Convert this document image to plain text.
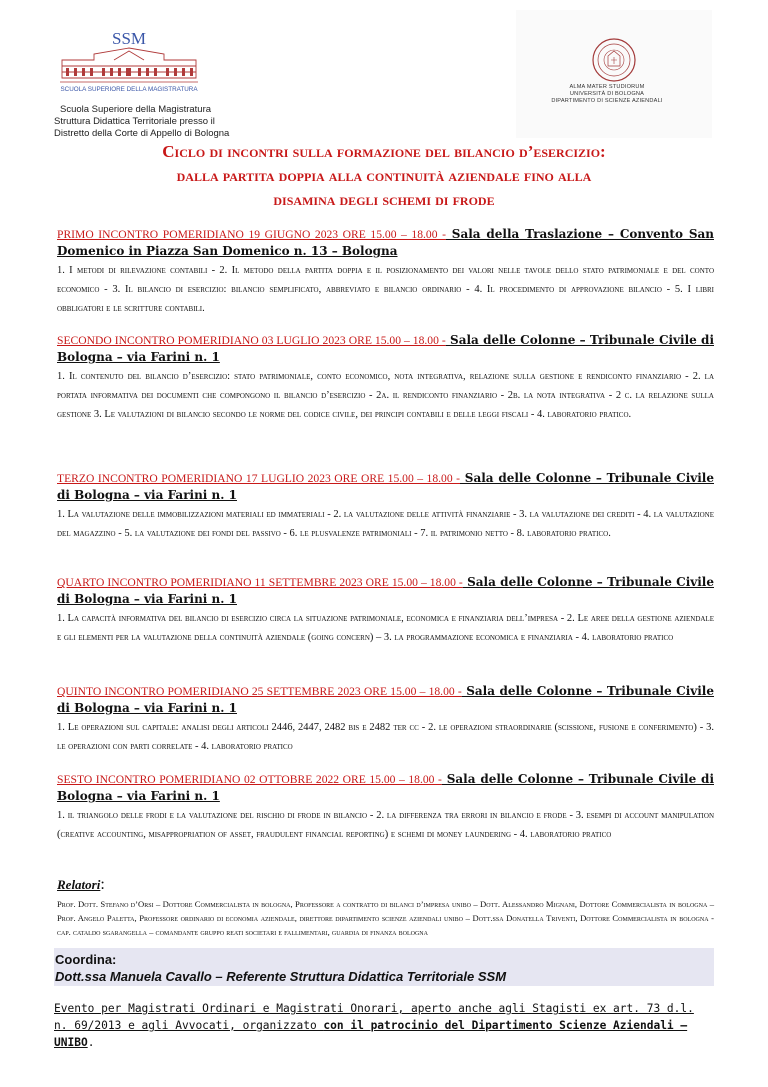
SSM
SCUOLA SUPERIORE DELLA MAGISTRATURA
Scuola Superiore della Magistratura
Struttura Didattica Territoriale presso il
Distretto della Corte di Appello di Bologna
ALMA MATER STUDIORUM
UNIVERSITÀ DI BOLOGNA
DIPARTIMENTO DI SCIENZE AZIENDALI
Ciclo di incontri sulla formazione del bilancio d’esercizio:
dalla partita doppia alla continuità aziendale fino alla
disamina degli schemi di frode
PRIMO INCONTRO POMERIDIANO 19 GIUGNO 2023 ORE 15.00 – 18.00 - Sala della Traslazione – Convento San Domenico in Piazza San Domenico n. 13 – Bologna
1. I metodi di rilevazione contabili - 2. Il metodo della partita doppia e il posizionamento dei valori nelle tavole dello stato patrimoniale e del conto economico - 3. Il bilancio di esercizio: bilancio semplificato, abbreviato e bilancio ordinario - 4. Il procedimento di approvazione bilancio - 5. I libri obbligatori e le scritture contabili.
SECONDO INCONTRO POMERIDIANO 03 LUGLIO 2023 ORE 15.00 – 18.00 - Sala delle Colonne – Tribunale Civile di Bologna – via Farini n. 1
1. Il contenuto del bilancio d’esercizio: stato patrimoniale, conto economico, nota integrativa, relazione sulla gestione e rendiconto finanziario - 2. la portata informativa dei documenti che compongono il bilancio d’esercizio - 2a. il rendiconto finanziario - 2b. la nota integrativa - 2 c. la relazione sulla gestione 3. Le valutazioni di bilancio secondo le norme del codice civile, dei principi contabili e delle leggi fiscali - 4. laboratorio pratico.
TERZO INCONTRO POMERIDIANO 17 LUGLIO 2023 ORE ORE 15.00 – 18.00 - Sala delle Colonne – Tribunale Civile di Bologna – via Farini n. 1
1. La valutazione delle immobilizzazioni materiali ed immateriali - 2. la valutazione delle attività finanziarie - 3. la valutazione dei crediti - 4. la valutazione del magazzino - 5. la valutazione dei fondi del passivo - 6. le plusvalenze patrimoniali - 7. il patrimonio netto - 8. laboratorio pratico.
QUARTO INCONTRO POMERIDIANO 11 SETTEMBRE 2023 ORE 15.00 – 18.00 - Sala delle Colonne – Tribunale Civile di Bologna – via Farini n. 1
1. La capacità informativa del bilancio di esercizio circa la situazione patrimoniale, economica e finanziaria dell’impresa - 2. Le aree della gestione aziendale e gli elementi per la valutazione della continuità aziendale (going concern) – 3. la programmazione economica e finanziaria - 4. laboratorio pratico
QUINTO INCONTRO POMERIDIANO 25 SETTEMBRE 2023 ORE 15.00 – 18.00 - Sala delle Colonne – Tribunale Civile di Bologna – via Farini n. 1
1. Le operazioni sul capitale: analisi degli articoli 2446, 2447, 2482 bis e 2482 ter cc - 2. le operazioni straordinarie (scissione, fusione e conferimento) - 3. le operazioni con parti correlate - 4. laboratorio pratico
SESTO INCONTRO POMERIDIANO 02 OTTOBRE 2022 ORE 15.00 – 18.00 - Sala delle Colonne – Tribunale Civile di Bologna – via Farini n. 1
1. il triangolo delle frodi e la valutazione del rischio di frode in bilancio - 2. la differenza tra errori in bilancio e frode - 3. esempi di account manipulation (creative accounting, misappropriation of asset, fraudulent financial reporting) e schemi di money laundering - 4. laboratorio pratico
Relatori:
Prof. Dott. Stefano d’Orsi – Dottore Commercialista in bologna, Professore a contratto di bilanci d’impresa unibo – Dott. Alessandro Mignani, Dottore Commercialista in bologna – Prof. Angelo Paletta, Professore ordinario di economia aziendale, direttore dipartimento scienze aziendali unibo – Dott.ssa Donatella Triventi, Dottore Commercialista in bologna - cap. cataldo sgarangella – comandante gruppo reati societari e fallimentari, guardia di finanza bologna
Coordina:
Dott.ssa Manuela Cavallo – Referente Struttura Didattica Territoriale SSM
Evento per Magistrati Ordinari e Magistrati Onorari, aperto anche agli Stagisti ex art. 73 d.l. n. 69/2013 e agli Avvocati, organizzato con il patrocinio del Dipartimento Scienze Aziendali – UNIBO.
